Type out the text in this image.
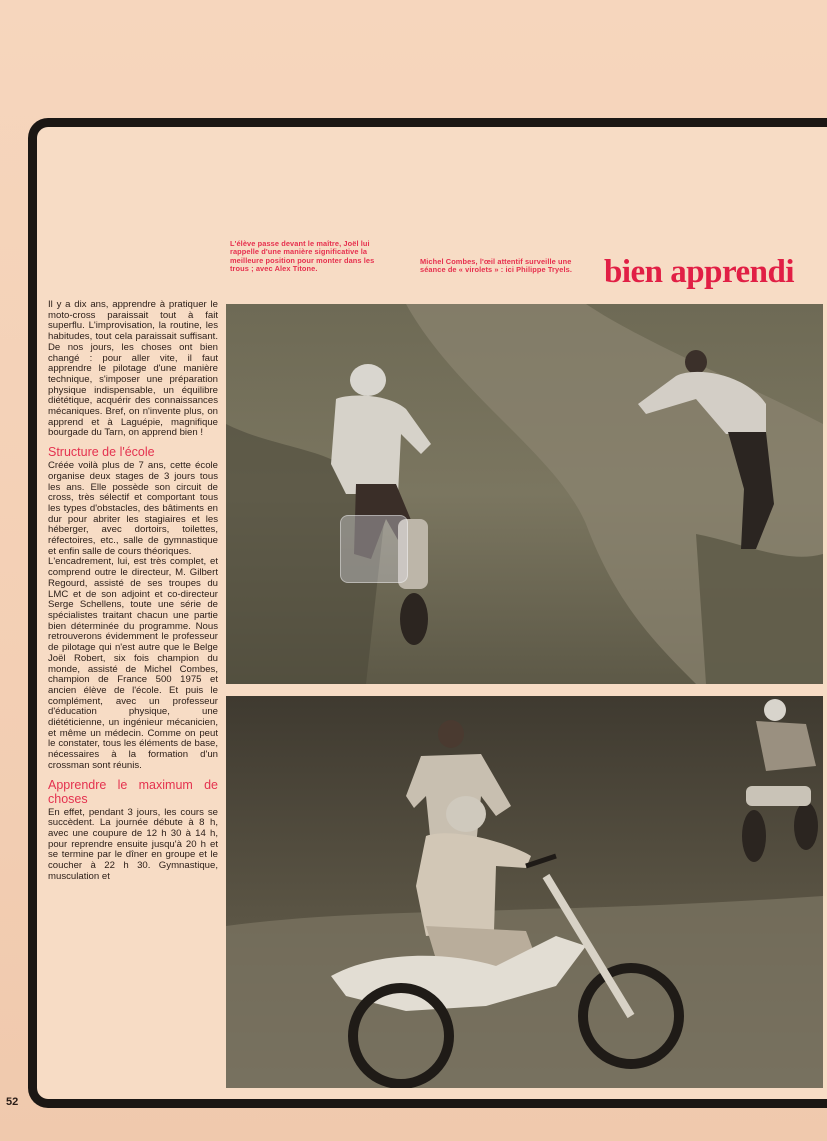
L'élève passe devant le maître, Joël lui rappelle d'une manière significative la meilleure position pour monter dans les trous ; avec Alex Titone.
Michel Combes, l'œil attentif surveille une séance de « virolets » : ici Philippe Tryels. bien apprendi

Il y a dix ans, apprendre à pratiquer le moto-cross paraissait tout à fait superflu. L'improvisation, la routine, les habitudes, tout cela paraissait suffisant. De nos jours, les choses ont bien changé : pour aller vite, il faut apprendre le pilotage d'une manière technique, s'imposer une préparation physique indispensable, un équilibre diététique, acquérir des connaissances mécaniques. Bref, on n'invente plus, on apprend et à Laguépie, magnifique bourgade du Tarn, on apprend bien !

Structure de l'école

Créée voilà plus de 7 ans, cette école organise deux stages de 3 jours tous les ans. Elle possède son circuit de cross, très sélectif et comportant tous les types d'obstacles, des bâtiments en dur pour abriter les stagiaires et les héberger, avec dortoirs, toilettes, réfectoires, etc., salle de gymnastique et enfin salle de cours théoriques.

L'encadrement, lui, est très complet, et comprend outre le directeur, M. Gilbert Regourd, assisté de ses troupes du LMC et de son adjoint et co-directeur Serge Schellens, toute une série de spécialistes traitant chacun une partie bien déterminée du programme. Nous retrouverons évidemment le professeur de pilotage qui n'est autre que le Belge Joël Robert, six fois champion du monde, assisté de Michel Combes, champion de France 500 1975 et ancien élève de l'école. Et puis le complément, avec un professeur d'éducation physique, une diététicienne, un ingénieur mécanicien, et même un médecin. Comme on peut le constater, tous les éléments de base, nécessaires à la formation d'un crossman sont réunis.

Apprendre le maximum de choses

En effet, pendant 3 jours, les cours se succèdent. La journée débute à 8 h, avec une coupure de 12 h 30 à 14 h, pour reprendre ensuite jusqu'à 20 h et se termine par le dîner en groupe et le coucher à 22 h 30. Gymnastique, musculation et

52
